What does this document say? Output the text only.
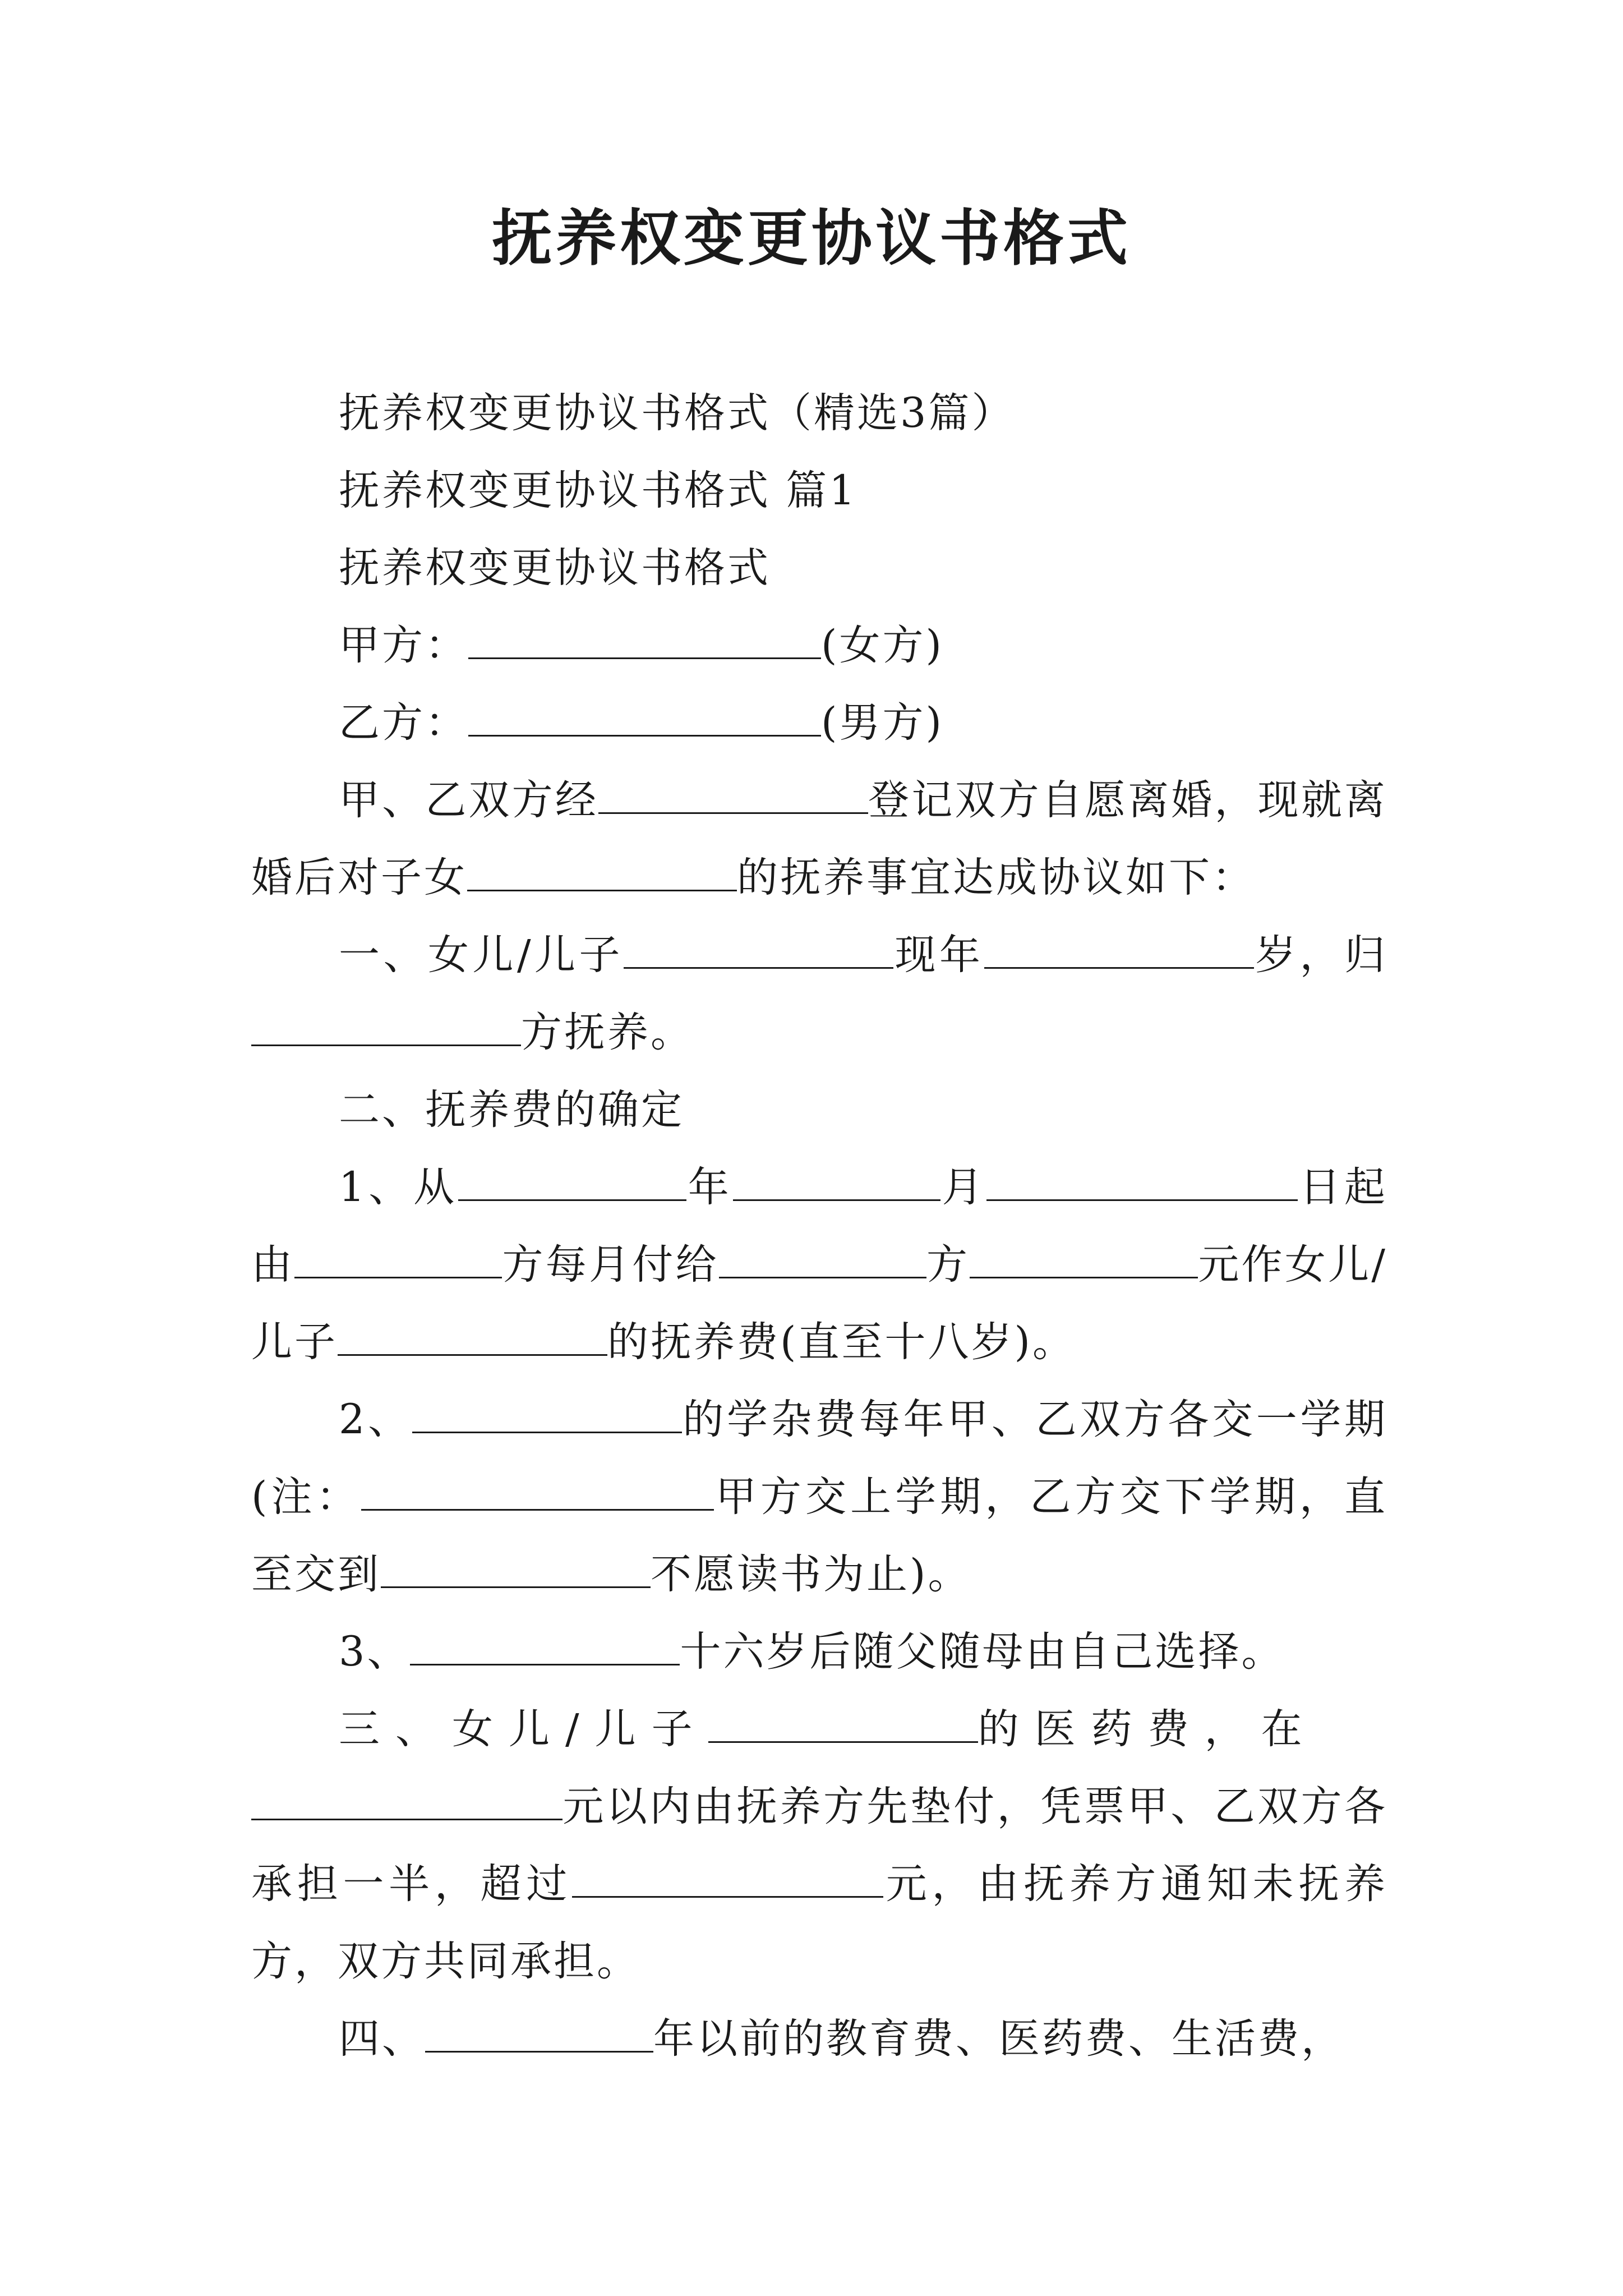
抚养权变更协议书格式

抚养权变更协议书格式（精选3篇）

抚养权变更协议书格式 篇1

抚养权变更协议书格式

甲方：	(女方)

乙方：	(男方)

甲、乙双方经	登记双方自愿离婚，现就离婚后对子女	的抚养事宜达成协议如下：

一、女儿/儿子	现年	岁，归方抚养。

二、抚养费的确定

1、从	年	月	日起由	方每月付给	方	元作女儿/儿子	的抚养费(直至十八岁)。

2、	的学杂费每年甲、乙双方各交一学期(注：	甲方交上学期，乙方交下学期，直至交到	不愿读书为止)。

3、	十六岁后随父随母由自己选择。

三、女儿/儿子	的医药费，在

元以内由抚养方先垫付，凭票甲、乙双方各承担一半，超过	元，由抚养方通知未抚养方，双方共同承担。

四、	年以前的教育费、医药费、生活费，
